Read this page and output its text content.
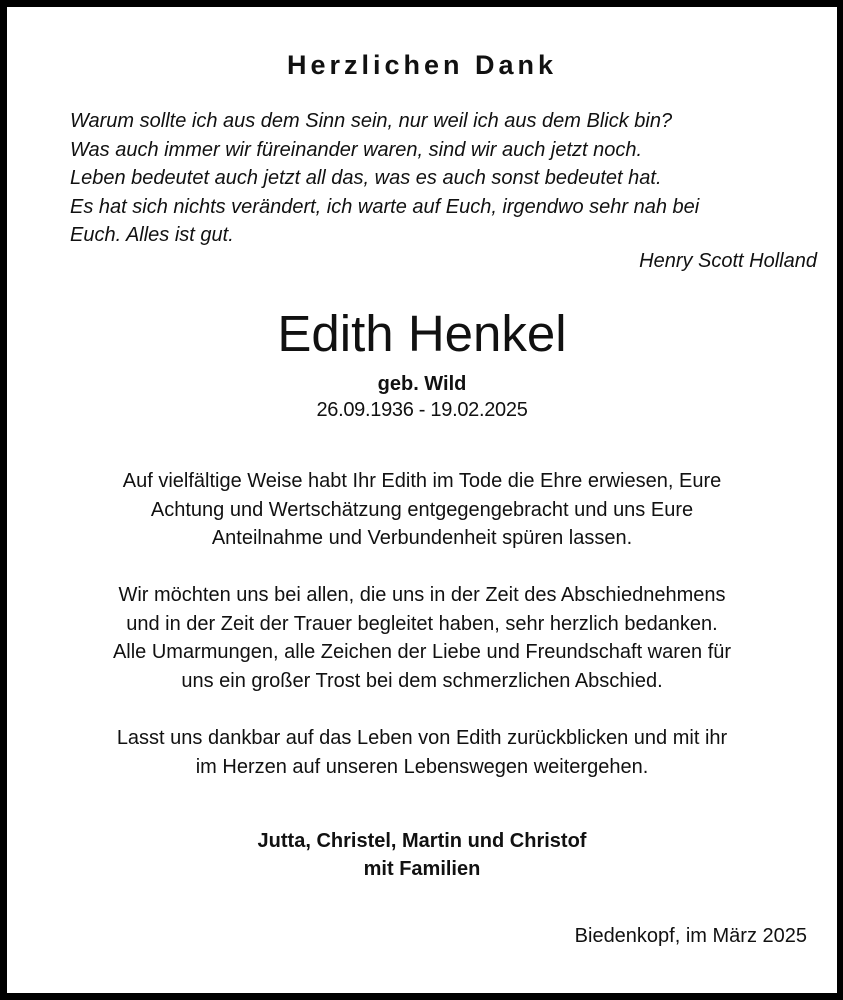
Herzlichen Dank
Warum sollte ich aus dem Sinn sein, nur weil ich aus dem Blick bin?
Was auch immer wir füreinander waren, sind wir auch jetzt noch.
Leben bedeutet auch jetzt all das, was es auch sonst bedeutet hat.
Es hat sich nichts verändert, ich warte auf Euch, irgendwo sehr nah bei
Euch. Alles ist gut.
Henry Scott Holland
Edith Henkel
geb. Wild
26.09.1936 - 19.02.2025
Auf vielfältige Weise habt Ihr Edith im Tode die Ehre erwiesen, Eure
Achtung und Wertschätzung entgegengebracht und uns Eure
Anteilnahme und Verbundenheit spüren lassen.
Wir möchten uns bei allen, die uns in der Zeit des Abschiednehmens
und in der Zeit der Trauer begleitet haben, sehr herzlich bedanken.
Alle Umarmungen, alle Zeichen der Liebe und Freundschaft waren für
uns ein großer Trost bei dem schmerzlichen Abschied.
Lasst uns dankbar auf das Leben von Edith zurückblicken und mit ihr
im Herzen auf unseren Lebenswegen weitergehen.
Jutta, Christel, Martin und Christof
mit Familien
Biedenkopf, im März 2025
